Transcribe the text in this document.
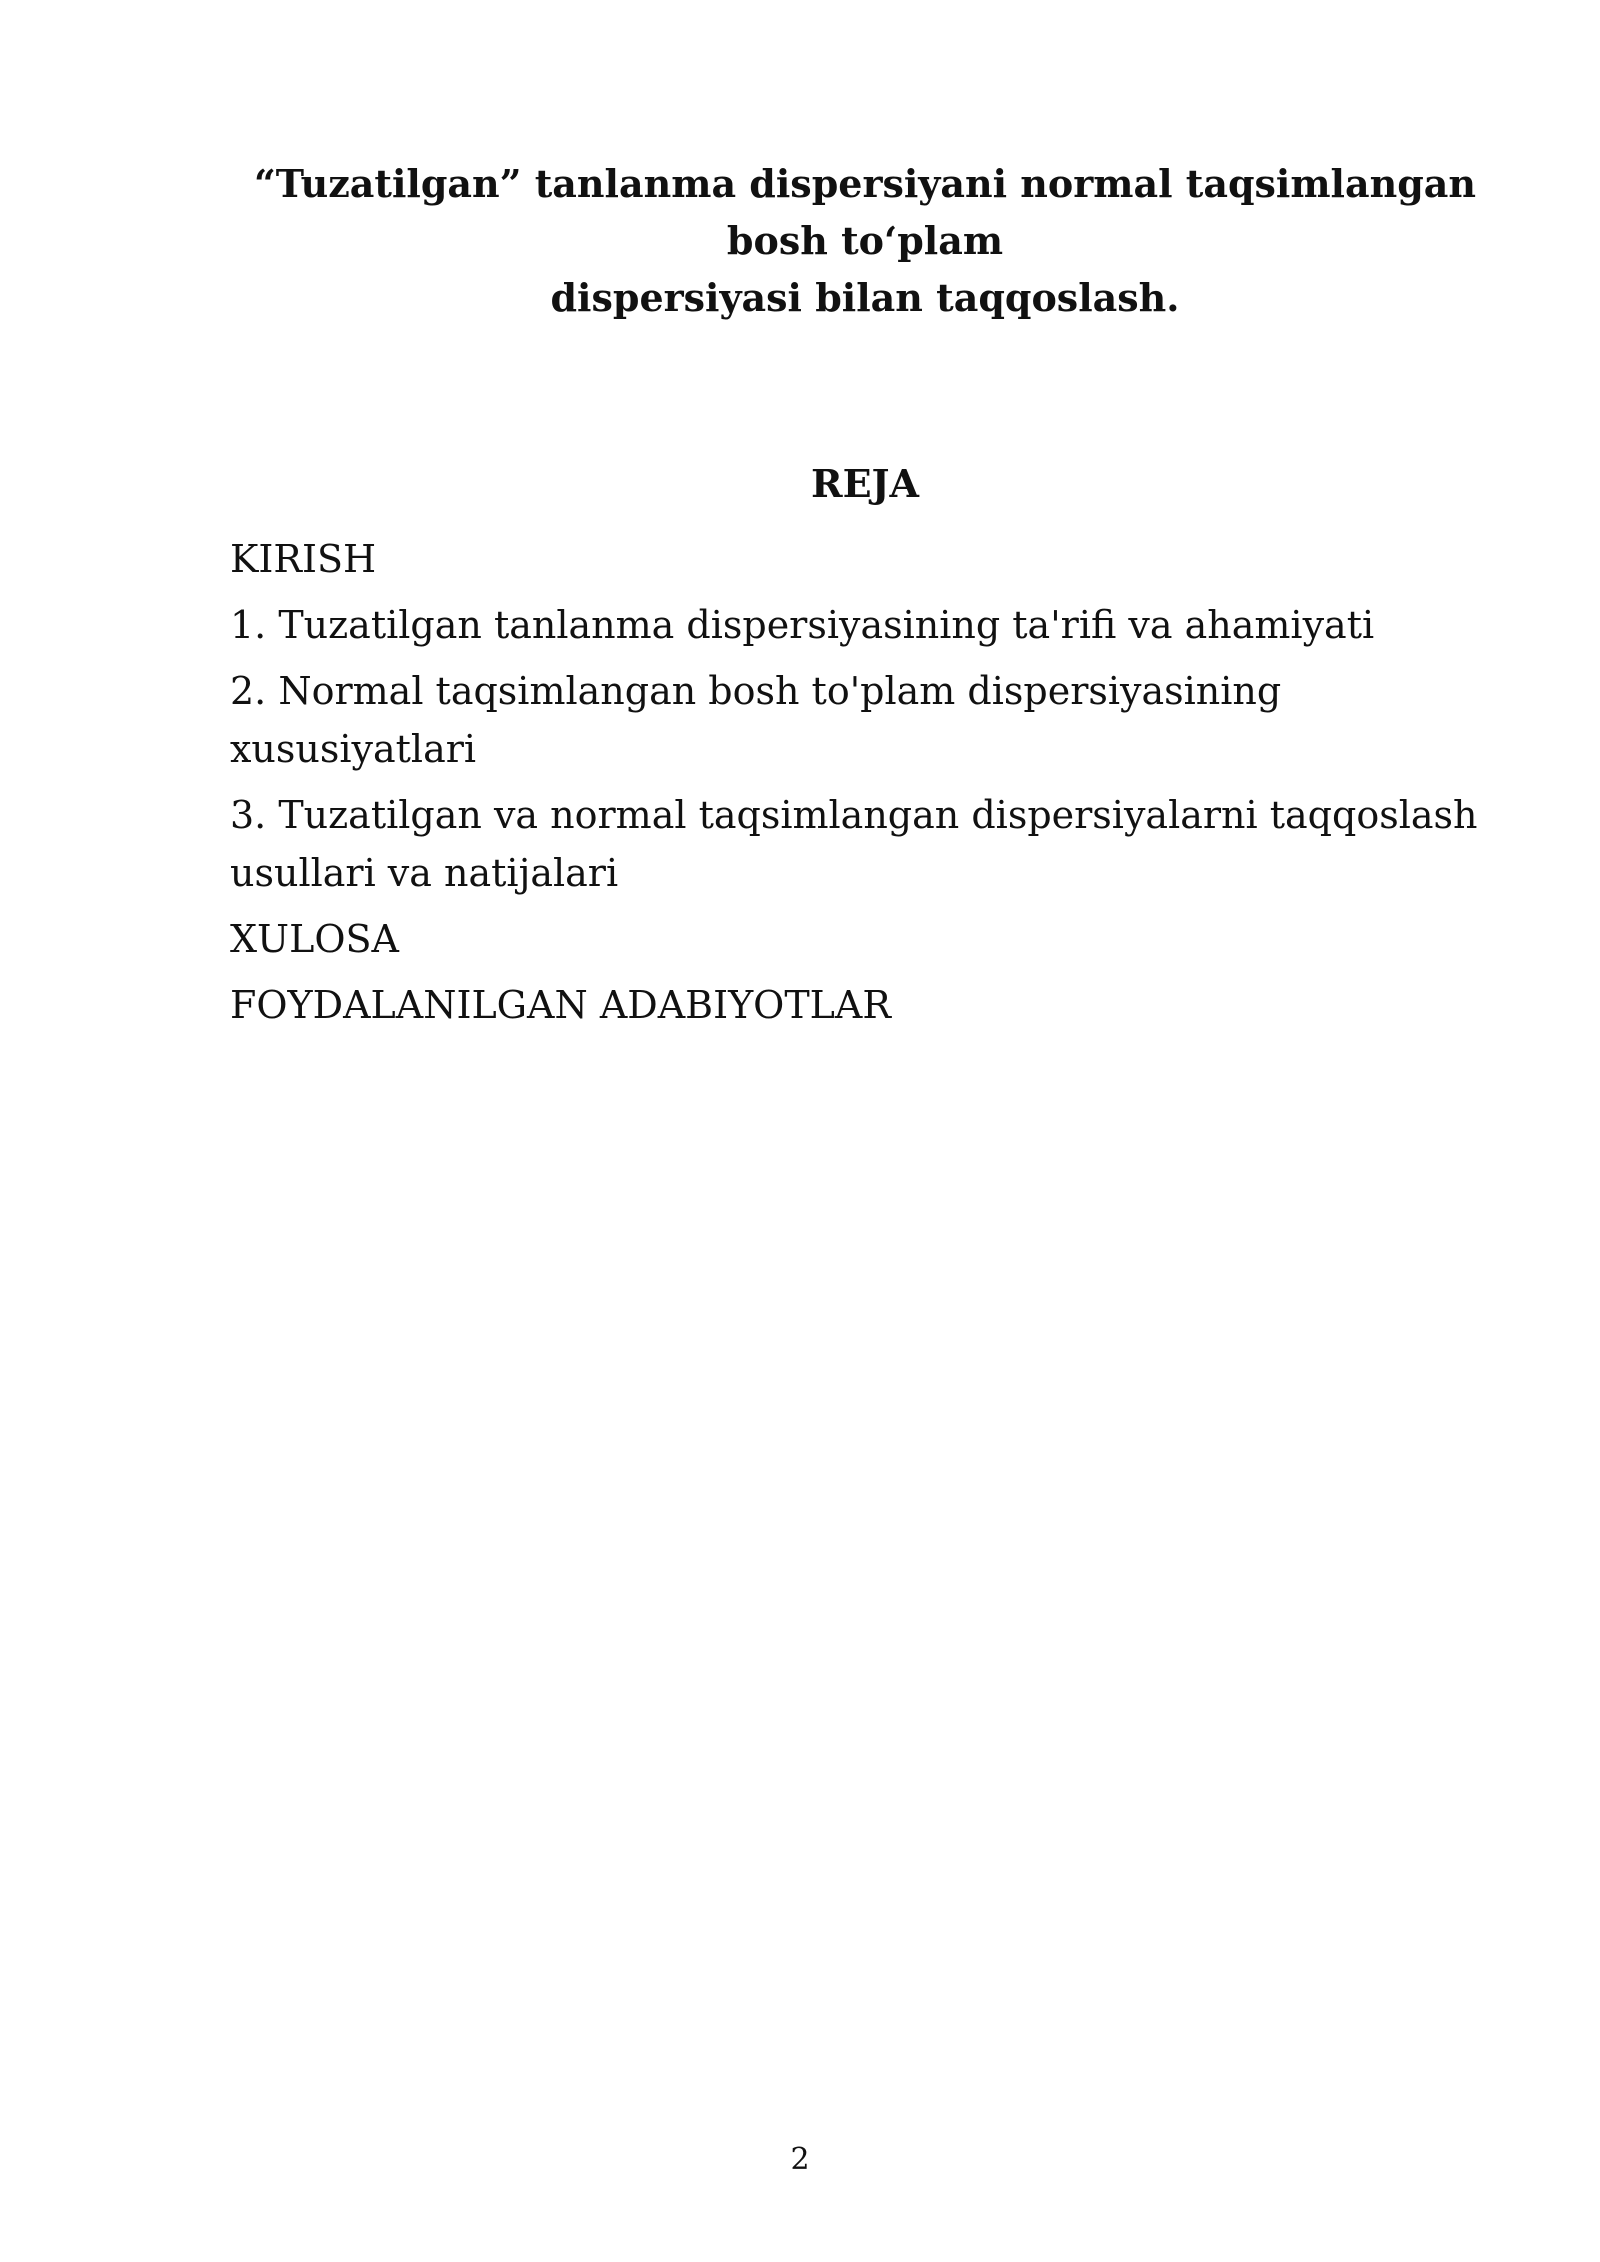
“Tuzatilgan” tanlanma dispersiyani normal taqsimlangan
bosh to‘plam
dispersiyasi bilan taqqoslash.
REJA
KIRISH
1. Tuzatilgan tanlanma dispersiyasining ta'rifi va ahamiyati
2. Normal taqsimlangan bosh to'plam dispersiyasining xususiyatlari
3. Tuzatilgan va normal taqsimlangan dispersiyalarni taqqoslash usullari va natijalari
XULOSA
FOYDALANILGAN ADABIYOTLAR
2
